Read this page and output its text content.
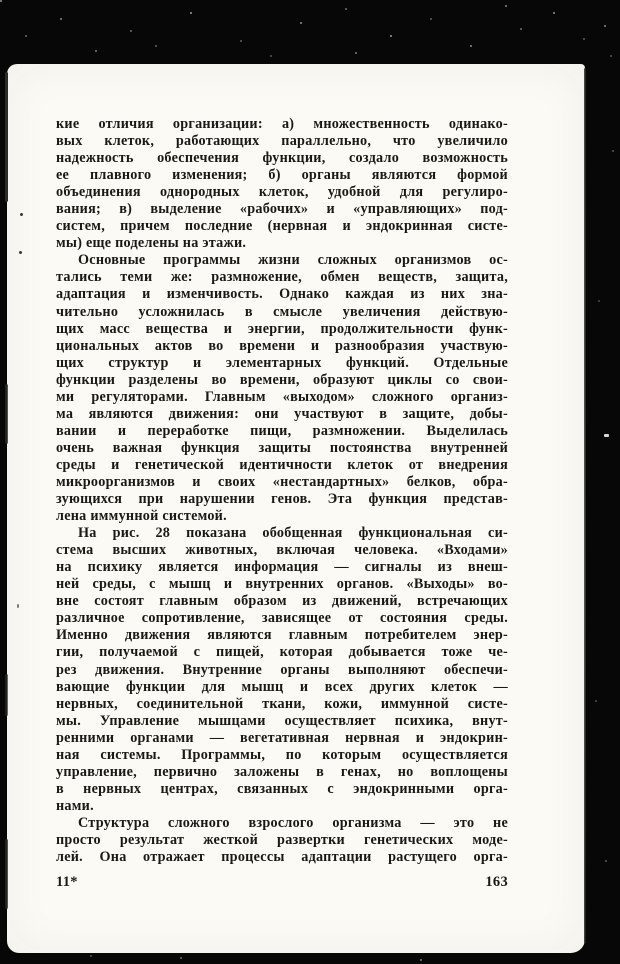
кие отличия организации: а) множественность одинако-
вых клеток, работающих параллельно, что увеличило
надежность обеспечения функции, создало возможность
ее плавного изменения; б) органы являются формой
объединения однородных клеток, удобной для регулиро-
вания; в) выделение «рабочих» и «управляющих» под-
систем, причем последние (нервная и эндокринная систе-
мы) еще поделены на этажи.
Основные программы жизни сложных организмов ос-
тались теми же: размножение, обмен веществ, защита,
адаптация и изменчивость. Однако каждая из них зна-
чительно усложнилась в смысле увеличения действую-
щих масс вещества и энергии, продолжительности функ-
циональных актов во времени и разнообразия участвую-
щих структур и элементарных функций. Отдельные
функции разделены во времени, образуют циклы со свои-
ми регуляторами. Главным «выходом» сложного организ-
ма являются движения: они участвуют в защите, добы-
вании и переработке пищи, размножении. Выделилась
очень важная функция защиты постоянства внутренней
среды и генетической идентичности клеток от внедрения
микроорганизмов и своих «нестандартных» белков, обра-
зующихся при нарушении генов. Эта функция представ-
лена иммунной системой.
На рис. 28 показана обобщенная функциональная си-
стема высших животных, включая человека. «Входами»
на психику является информация — сигналы из внеш-
ней среды, с мышц и внутренних органов. «Выходы» во-
вне состоят главным образом из движений, встречающих
различное сопротивление, зависящее от состояния среды.
Именно движения являются главным потребителем энер-
гии, получаемой с пищей, которая добывается тоже че-
рез движения. Внутренние органы выполняют обеспечи-
вающие функции для мышц и всех других клеток —
нервных, соединительной ткани, кожи, иммунной систе-
мы. Управление мышцами осуществляет психика, внут-
ренними органами — вегетативная нервная и эндокрин-
ная системы. Программы, по которым осуществляется
управление, первично заложены в генах, но воплощены
в нервных центрах, связанных с эндокринными орга-
нами.
Структура сложного взрослого организма — это не
просто результат жесткой развертки генетических моде-
лей. Она отражает процессы адаптации растущего орга-
11*	163
